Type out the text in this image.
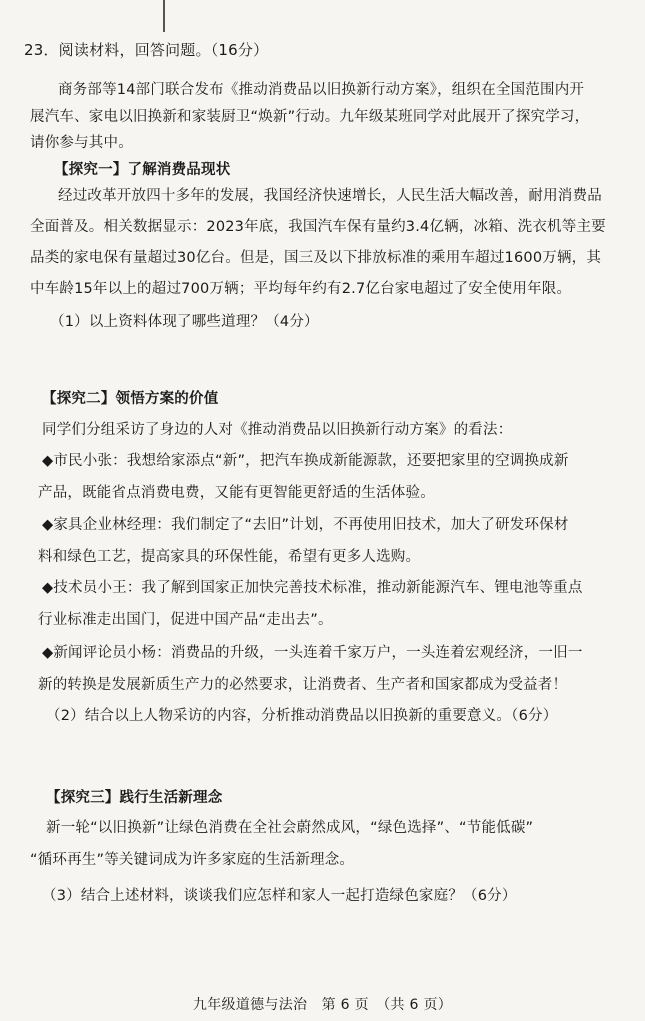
23．阅读材料，回答问题。（16分）
商务部等14部门联合发布《推动消费品以旧换新行动方案》，组织在全国范围内开
展汽车、家电以旧换新和家装厨卫“焕新”行动。九年级某班同学对此展开了探究学习，
请你参与其中。
【探究一】了解消费品现状
经过改革开放四十多年的发展，我国经济快速增长，人民生活大幅改善，耐用消费品
全面普及。相关数据显示：2023年底，我国汽车保有量约3.4亿辆，冰箱、洗衣机等主要
品类的家电保有量超过30亿台。但是，国三及以下排放标准的乘用车超过1600万辆，其
中车龄15年以上的超过700万辆；平均每年约有2.7亿台家电超过了安全使用年限。
（1）以上资料体现了哪些道理？（4分）
【探究二】领悟方案的价值
同学们分组采访了身边的人对《推动消费品以旧换新行动方案》的看法：
◆市民小张：我想给家添点“新”，把汽车换成新能源款，还要把家里的空调换成新
产品，既能省点消费电费，又能有更智能更舒适的生活体验。
◆家具企业林经理：我们制定了“去旧”计划，不再使用旧技术，加大了研发环保材
料和绿色工艺，提高家具的环保性能，希望有更多人选购。
◆技术员小王：我了解到国家正加快完善技术标准，推动新能源汽车、锂电池等重点
行业标准走出国门，促进中国产品“走出去”。
◆新闻评论员小杨：消费品的升级，一头连着千家万户，一头连着宏观经济，一旧一
新的转换是发展新质生产力的必然要求，让消费者、生产者和国家都成为受益者！
（2）结合以上人物采访的内容，分析推动消费品以旧换新的重要意义。（6分）
【探究三】践行生活新理念
新一轮“以旧换新”让绿色消费在全社会蔚然成风，“绿色选择”、“节能低碳”
“循环再生”等关键词成为许多家庭的生活新理念。
（3）结合上述材料，谈谈我们应怎样和家人一起打造绿色家庭？（6分）
九年级道德与法治　第 6 页　（共 6 页）
